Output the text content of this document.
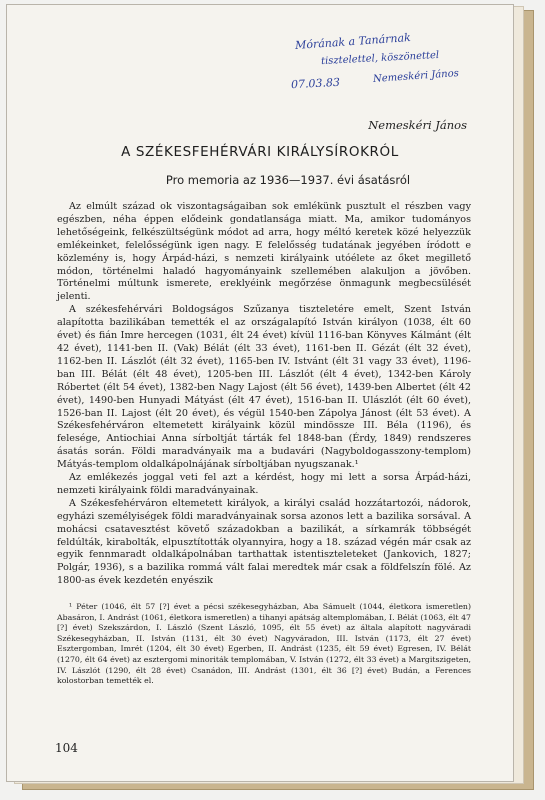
Mórának a Tanárnak
tisztelettel, köszönettel
07.03.83	Nemeskéri János
Nemeskéri János
A SZÉKESFEHÉRVÁRI KIRÁLYSÍROKRÓL
Pro memoria az 1936—1937. évi ásatásról

Az elmúlt század ok viszontagságaiban sok emlékünk pusztult el részben vagy egészben, néha éppen elődeink gondatlansága miatt. Ma, amikor tudományos lehetőségeink, felkészültségünk módot ad arra, hogy méltó keretek közé helyezzük emlékeinket, felelősségünk igen nagy. E felelősség tudatának jegyében íródott e közlemény is, hogy Árpád-házi, s nemzeti királyaink utóélete az őket megillető módon, történelmi haladó hagyományaink szellemében alakuljon a jövőben. Történelmi múltunk ismerete, ereklyéink megőrzése önmagunk megbecsülését jelenti.

A székesfehérvári Boldogságos Szűzanya tiszteletére emelt, Szent István alapította bazilikában temették el az országalapító István királyon (1038, élt 60 évet) és fián Imre hercegen (1031, élt 24 évet) kívül 1116-ban Könyves Kálmánt (élt 42 évet), 1141-ben II. (Vak) Bélát (élt 33 évet), 1161-ben II. Gézát (élt 32 évet), 1162-ben II. Lászlót (élt 32 évet), 1165-ben IV. Istvánt (élt 31 vagy 33 évet), 1196-ban III. Bélát (élt 48 évet), 1205-ben III. Lászlót (élt 4 évet), 1342-ben Károly Róbertet (élt 54 évet), 1382-ben Nagy Lajost (élt 56 évet), 1439-ben Albertet (élt 42 évet), 1490-ben Hunyadi Mátyást (élt 47 évet), 1516-ban II. Ulászlót (élt 60 évet), 1526-ban II. Lajost (élt 20 évet), és végül 1540-ben Zápolya Jánost (élt 53 évet). A Székesfehérváron eltemetett királyaink közül mindössze III. Béla (1196), és felesége, Antiochiai Anna sírboltját tárták fel 1848-ban (Érdy, 1849) rendszeres ásatás során. Földi maradványaik ma a budavári (Nagyboldogasszony-templom) Mátyás-templom oldalkápolnájának sírboltjában nyugszanak.¹

Az emlékezés joggal veti fel azt a kérdést, hogy mi lett a sorsa Árpád-házi, nemzeti királyaink földi maradványainak.

A Székesfehérváron eltemetett királyok, a királyi család hozzátartozói, nádorok, egyházi személyiségek földi maradványainak sorsa azonos lett a bazilika sorsával. A mohácsi csatavesztést követő századokban a bazilikát, a sírkamrák többségét feldúlták, kirabolták, elpusztították olyannyira, hogy a 18. század végén már csak az egyik fennmaradt oldalkápolnában tarthattak istentiszteleteket (Jankovich, 1827; Polgár, 1936), s a bazilika rommá vált falai meredtek már csak a földfelszín fölé. Az 1800-as évek kezdetén enyészik

¹ Péter (1046, élt 57 [?] évet a pécsi székesegyházban, Aba Sámuelt (1044, életkora ismeretlen) Abasáron, I. Andrást (1061, életkora ismeretlen) a tihanyi apátság altemplomában, I. Bélát (1063, élt 47 [?] évet) Szekszárdon, I. László (Szent László, 1095, élt 55 évet) az általa alapított nagyváradi Székesegyházban, II. István (1131, élt 30 évet) Nagyváradon, III. István (1173, élt 27 évet) Esztergomban, Imrét (1204, élt 30 évet) Egerben, II. Andrást (1235, élt 59 évet) Egresen, IV. Bélát (1270, élt 64 évet) az esztergomi minoriták templomában, V. István (1272, élt 33 évet) a Margitszigeten, IV. Lászlót (1290, élt 28 évet) Csanádon, III. Andrást (1301, élt 36 [?] évet) Budán, a Ferences kolostorban temették el.

104
